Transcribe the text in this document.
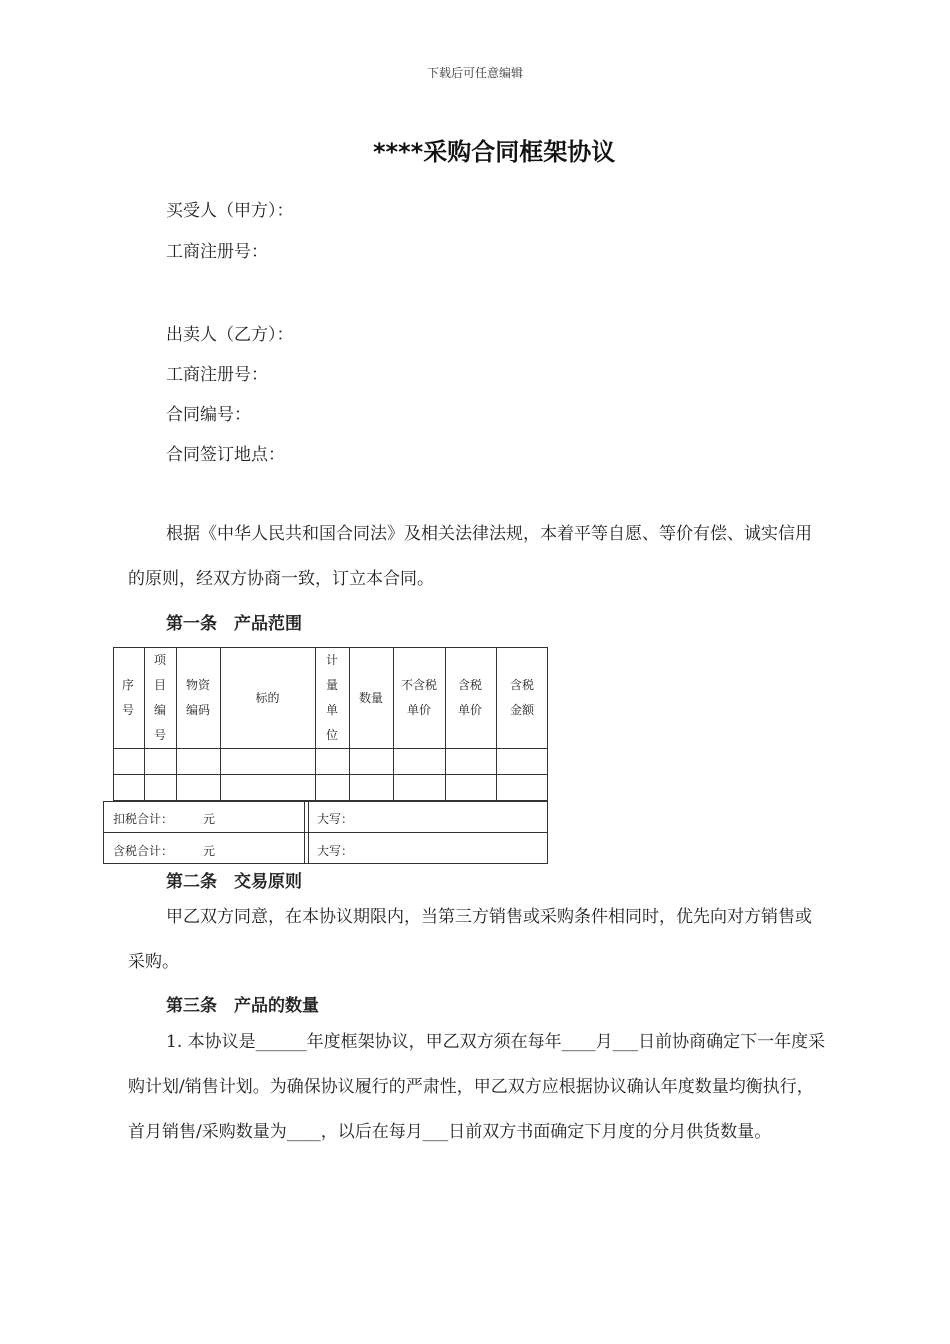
下载后可任意编辑
****采购合同框架协议
买受人（甲方）：
工商注册号：
出卖人（乙方）：
工商注册号：
合同编号：
合同签订地点：
根据《中华人民共和国合同法》及相关法律法规，本着平等自愿、等价有偿、诚实信用的原则，经双方协商一致，订立本合同。
第一条　产品范围
序号
项目编号
物资编码
标的
计量单位
数量
不含税单价
含税单价
含税金额
扣税合计： 元	大写：
含税合计： 元	大写：
第二条　交易原则
甲乙双方同意，在本协议期限内，当第三方销售或采购条件相同时，优先向对方销售或采购。
第三条　产品的数量
1. 本协议是______年度框架协议，甲乙双方须在每年____月___日前协商确定下一年度采购计划/销售计划。为确保协议履行的严肃性，甲乙双方应根据协议确认年度数量均衡执行，首月销售/采购数量为____，以后在每月___日前双方书面确定下月度的分月供货数量。
